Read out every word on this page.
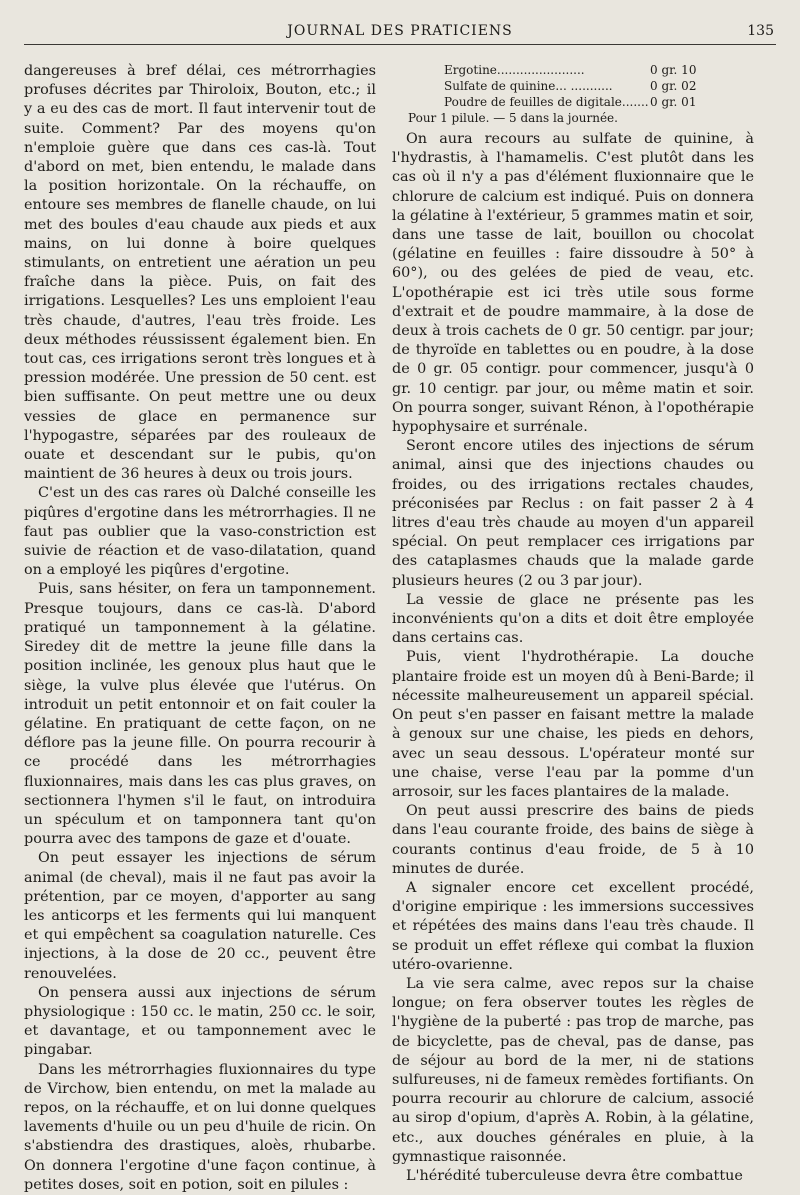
JOURNAL DES PRATICIENS	135

dangereuses à bref délai, ces métrorrhagies profuses décrites par Thiroloix, Bouton, etc.; il y a eu des cas de mort. Il faut intervenir tout de suite. Comment? Par des moyens qu'on n'emploie guère que dans ces cas-là. Tout d'abord on met, bien entendu, le malade dans la position horizontale. On la réchauffe, on entoure ses membres de flanelle chaude, on lui met des boules d'eau chaude aux pieds et aux mains, on lui donne à boire quelques stimulants, on entretient une aération un peu fraîche dans la pièce. Puis, on fait des irrigations. Lesquelles? Les uns emploient l'eau très chaude, d'autres, l'eau très froide. Les deux méthodes réussissent également bien. En tout cas, ces irrigations seront très longues et à pression modérée. Une pression de 50 cent. est bien suffisante. On peut mettre une ou deux vessies de glace en permanence sur l'hypogastre, séparées par des rouleaux de ouate et descendant sur le pubis, qu'on maintient de 36 heures à deux ou trois jours.

C'est un des cas rares où Dalché conseille les piqûres d'ergotine dans les métrorrhagies. Il ne faut pas oublier que la vaso-constriction est suivie de réaction et de vaso-dilatation, quand on a employé les piqûres d'ergotine.

Puis, sans hésiter, on fera un tamponnement. Presque toujours, dans ce cas-là. D'abord pratiqué un tamponnement à la gélatine. Siredey dit de mettre la jeune fille dans la position inclinée, les genoux plus haut que le siège, la vulve plus élevée que l'utérus. On introduit un petit entonnoir et on fait couler la gélatine. En pratiquant de cette façon, on ne déflore pas la jeune fille. On pourra recourir à ce procédé dans les métrorrhagies fluxionnaires, mais dans les cas plus graves, on sectionnera l'hymen s'il le faut, on introduira un spéculum et on tamponnera tant qu'on pourra avec des tampons de gaze et d'ouate.

On peut essayer les injections de sérum animal (de cheval), mais il ne faut pas avoir la prétention, par ce moyen, d'apporter au sang les anticorps et les ferments qui lui manquent et qui empêchent sa coagulation naturelle. Ces injections, à la dose de 20 cc., peuvent être renouvelées.

On pensera aussi aux injections de sérum physiologique : 150 cc. le matin, 250 cc. le soir, et davantage, et ou tamponnement avec le pingabar.

Dans les métrorrhagies fluxionnaires du type de Virchow, bien entendu, on met la malade au repos, on la réchauffe, et on lui donne quelques lavements d'huile ou un peu d'huile de ricin. On s'abstiendra des drastiques, aloès, rhubarbe. On donnera l'ergotine d'une façon continue, à petites doses, soit en potion, soit en pilules :

Ergotine.......................	0 gr. 10
Sulfate de quinine... ...........	0 gr. 02
Poudre de feuilles de digitale....... 0 gr. 01
Pour 1 pilule. — 5 dans la journée.

On aura recours au sulfate de quinine, à l'hydrastis, à l'hamamelis. C'est plutôt dans les cas où il n'y a pas d'élément fluxionnaire que le chlorure de calcium est indiqué. Puis on donnera la gélatine à l'extérieur, 5 grammes matin et soir, dans une tasse de lait, bouillon ou chocolat (gélatine en feuilles : faire dissoudre à 50° à 60°), ou des gelées de pied de veau, etc. L'opothérapie est ici très utile sous forme d'extrait et de poudre mammaire, à la dose de deux à trois cachets de 0 gr. 50 centigr. par jour; de thyroïde en tablettes ou en poudre, à la dose de 0 gr. 05 contigr. pour commencer, jusqu'à 0 gr. 10 centigr. par jour, ou même matin et soir. On pourra songer, suivant Rénon, à l'opothérapie hypophysaire et surrénale.

Seront encore utiles des injections de sérum animal, ainsi que des injections chaudes ou froides, ou des irrigations rectales chaudes, préconisées par Reclus : on fait passer 2 à 4 litres d'eau très chaude au moyen d'un appareil spécial. On peut remplacer ces irrigations par des cataplasmes chauds que la malade garde plusieurs heures (2 ou 3 par jour).

La vessie de glace ne présente pas les inconvénients qu'on a dits et doit être employée dans certains cas.

Puis, vient l'hydrothérapie. La douche plantaire froide est un moyen dû à Beni-Barde; il nécessite malheureusement un appareil spécial. On peut s'en passer en faisant mettre la malade à genoux sur une chaise, les pieds en dehors, avec un seau dessous. L'opérateur monté sur une chaise, verse l'eau par la pomme d'un arrosoir, sur les faces plantaires de la malade.

On peut aussi prescrire des bains de pieds dans l'eau courante froide, des bains de siège à courants continus d'eau froide, de 5 à 10 minutes de durée.

A signaler encore cet excellent procédé, d'origine empirique : les immersions successives et répétées des mains dans l'eau très chaude. Il se produit un effet réflexe qui combat la fluxion utéro-ovarienne.

La vie sera calme, avec repos sur la chaise longue; on fera observer toutes les règles de l'hygiène de la puberté : pas trop de marche, pas de bicyclette, pas de cheval, pas de danse, pas de séjour au bord de la mer, ni de stations sulfureuses, ni de fameux remèdes fortifiants. On pourra recourir au chlorure de calcium, associé au sirop d'opium, d'après A. Robin, à la gélatine, etc., aux douches générales en pluie, à la gymnastique raisonnée.

L'hérédité tuberculeuse devra être combattue
